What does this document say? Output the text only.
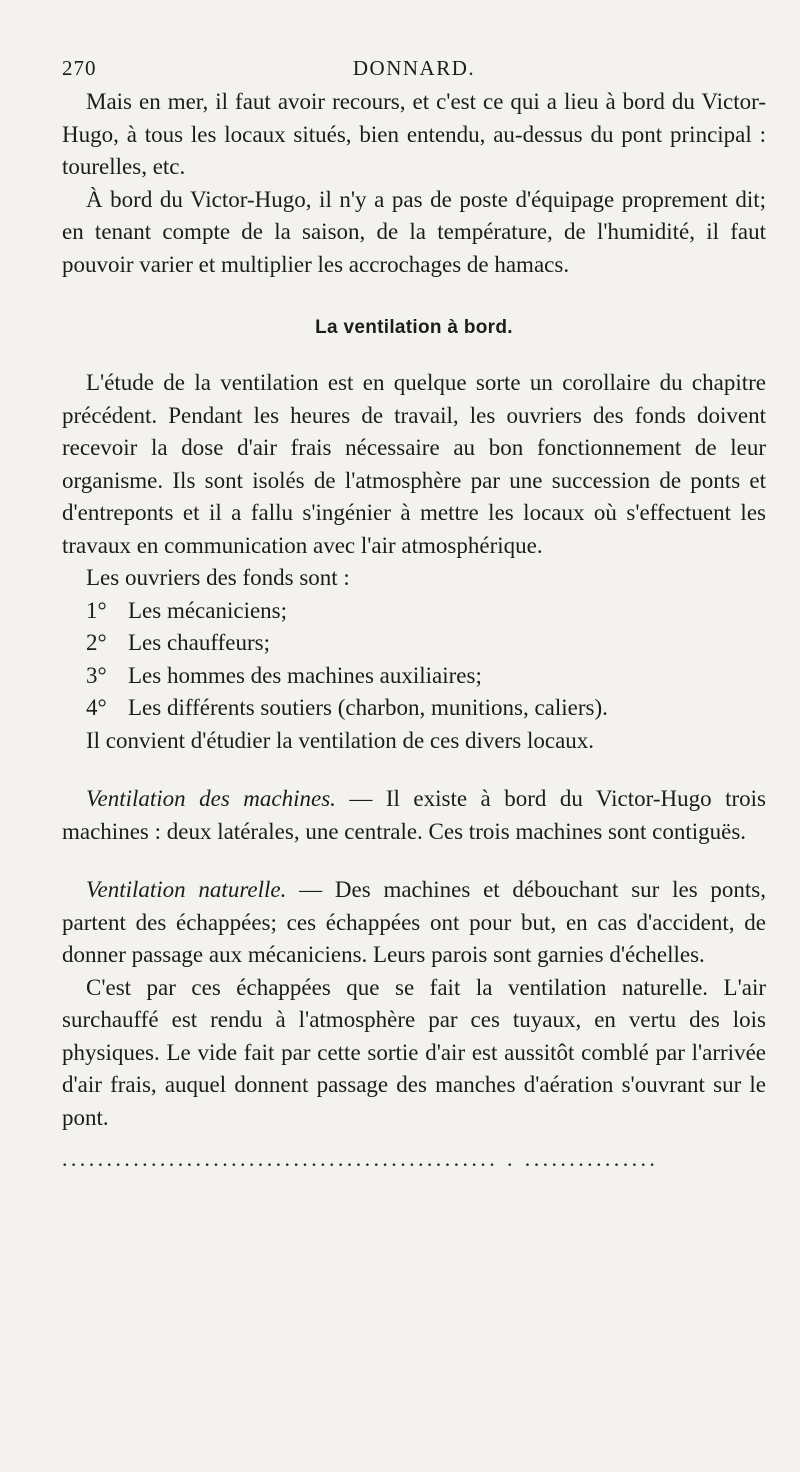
270	DONNARD.

Mais en mer, il faut avoir recours, et c'est ce qui a lieu à bord du Victor-Hugo, à tous les locaux situés, bien entendu, au-dessus du pont principal : tourelles, etc.

À bord du Victor-Hugo, il n'y a pas de poste d'équipage proprement dit; en tenant compte de la saison, de la température, de l'humidité, il faut pouvoir varier et multiplier les accrochages de hamacs.

La ventilation à bord.

L'étude de la ventilation est en quelque sorte un corollaire du chapitre précédent. Pendant les heures de travail, les ouvriers des fonds doivent recevoir la dose d'air frais nécessaire au bon fonctionnement de leur organisme. Ils sont isolés de l'atmosphère par une succession de ponts et d'entreponts et il a fallu s'ingénier à mettre les locaux où s'effectuent les travaux en communication avec l'air atmosphérique.

Les ouvriers des fonds sont :

1° Les mécaniciens;
2° Les chauffeurs;
3° Les hommes des machines auxiliaires;
4° Les différents soutiers (charbon, munitions, caliers).

Il convient d'étudier la ventilation de ces divers locaux.

Ventilation des machines. — Il existe à bord du Victor-Hugo trois machines : deux latérales, une centrale. Ces trois machines sont contiguës.

Ventilation naturelle. — Des machines et débouchant sur les ponts, partent des échappées; ces échappées ont pour but, en cas d'accident, de donner passage aux mécaniciens. Leurs parois sont garnies d'échelles.

C'est par ces échappées que se fait la ventilation naturelle. L'air surchauffé est rendu à l'atmosphère par ces tuyaux, en vertu des lois physiques. Le vide fait par cette sortie d'air est aussitôt comblé par l'arrivée d'air frais, auquel donnent passage des manches d'aération s'ouvrant sur le pont.

................................................. . ...............
